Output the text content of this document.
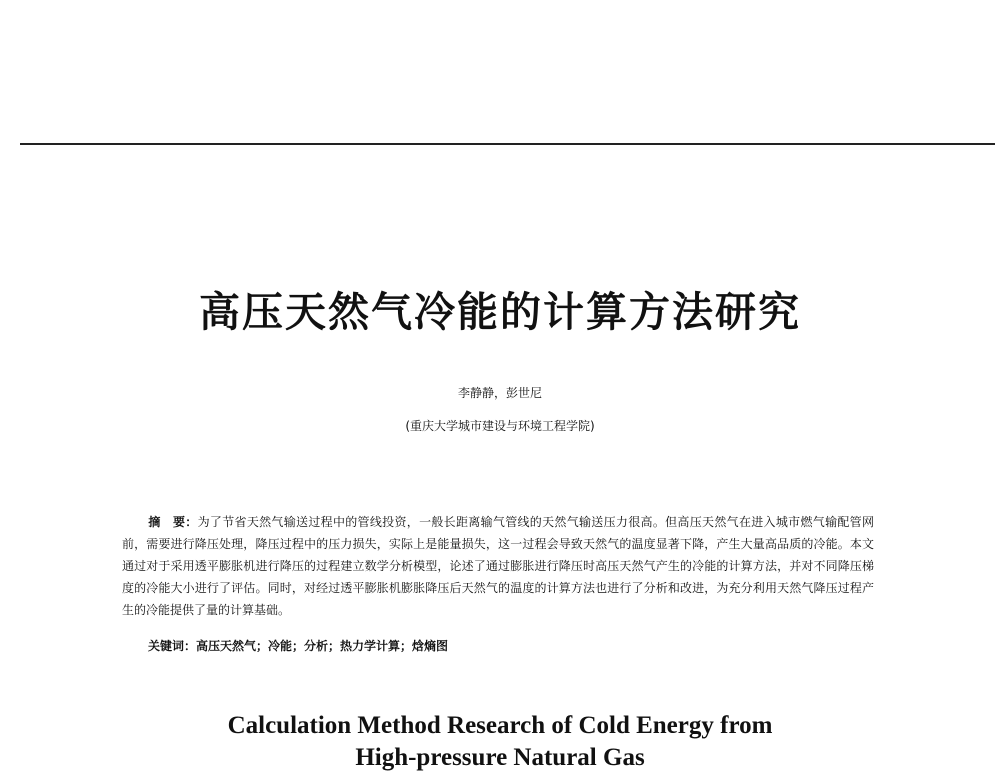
高压天然气冷能的计算方法研究

李静静，彭世尼

(重庆大学城市建设与环境工程学院)

摘　要：为了节省天然气输送过程中的管线投资，一般长距离输气管线的天然气输送压力很高。但高压天然气在进入城市燃气输配管网前，需要进行降压处理，降压过程中的压力损失，实际上是能量损失，这一过程会导致天然气的温度显著下降，产生大量高品质的冷能。本文通过对于采用透平膨胀机进行降压的过程建立数学分析模型，论述了通过膨胀进行降压时高压天然气产生的冷能的计算方法，并对不同降压梯度的冷能大小进行了评估。同时，对经过透平膨胀机膨胀降压后天然气的温度的计算方法也进行了分析和改进，为充分利用天然气降压过程产生的冷能提供了量的计算基础。

关键词：高压天然气；冷能；分析；热力学计算；焓熵图

Calculation Method Research of Cold Energy from
High-pressure Natural Gas
